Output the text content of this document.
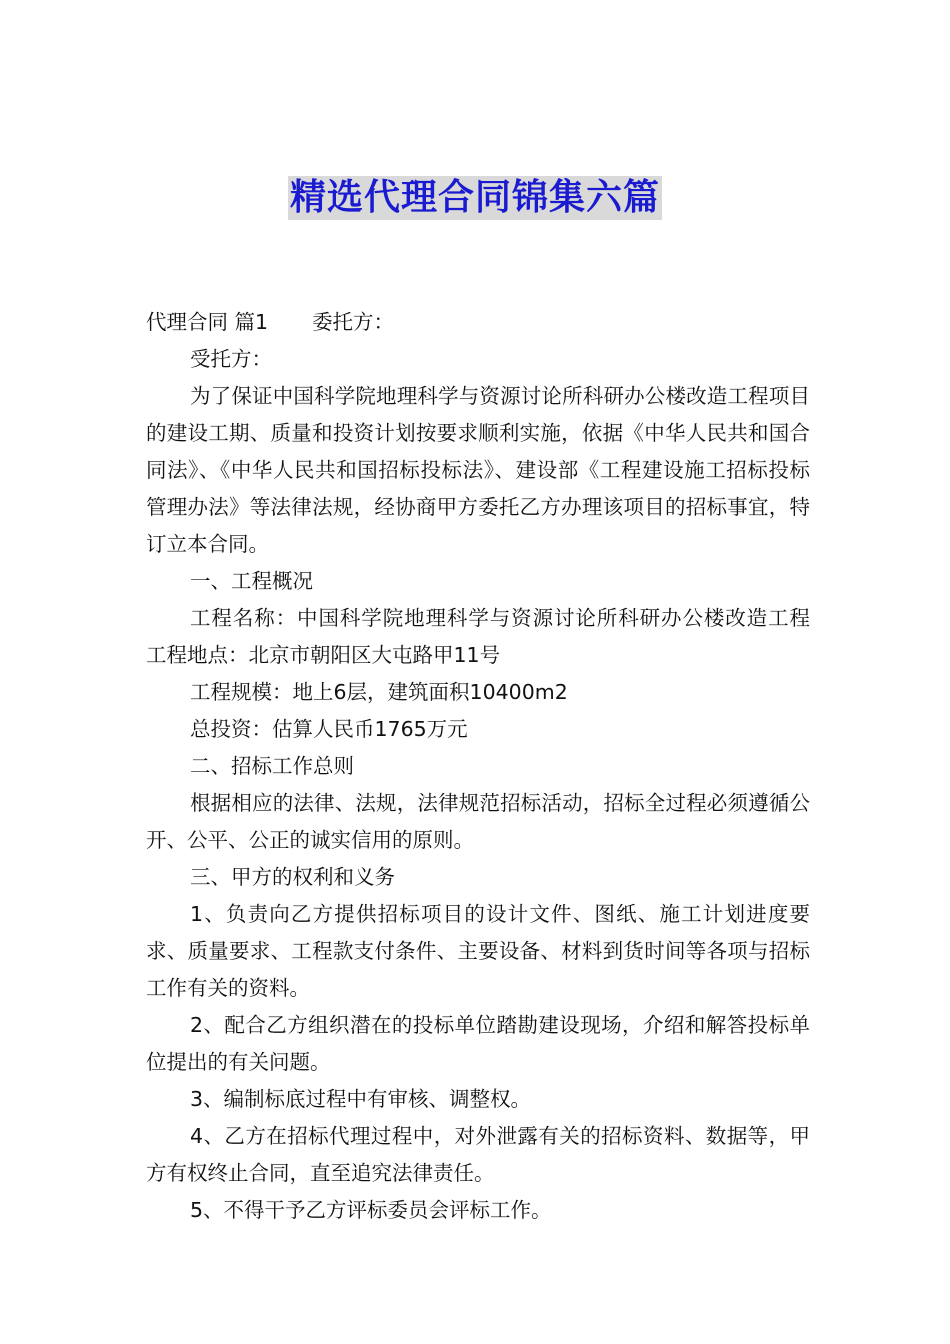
精选代理合同锦集六篇

代理合同 篇1 委托方：

受托方：

为了保证中国科学院地理科学与资源讨论所科研办公楼改造工程项目的建设工期、质量和投资计划按要求顺利实施，依据《中华人民共和国合同法》、《中华人民共和国招标投标法》、建设部《工程建设施工招标投标管理办法》等法律法规，经协商甲方委托乙方办理该项目的招标事宜，特订立本合同。

一、工程概况

工程名称：中国科学院地理科学与资源讨论所科研办公楼改造工程 工程地点：北京市朝阳区大屯路甲11号

工程规模：地上6层，建筑面积10400m2

总投资：估算人民币1765万元

二、招标工作总则

根据相应的法律、法规，法律规范招标活动，招标全过程必须遵循公开、公平、公正的诚实信用的原则。

三、甲方的权利和义务

1、负责向乙方提供招标项目的设计文件、图纸、施工计划进度要求、质量要求、工程款支付条件、主要设备、材料到货时间等各项与招标工作有关的资料。

2、配合乙方组织潜在的投标单位踏勘建设现场，介绍和解答投标单位提出的有关问题。

3、编制标底过程中有审核、调整权。

4、乙方在招标代理过程中，对外泄露有关的招标资料、数据等，甲方有权终止合同，直至追究法律责任。

5、不得干予乙方评标委员会评标工作。
